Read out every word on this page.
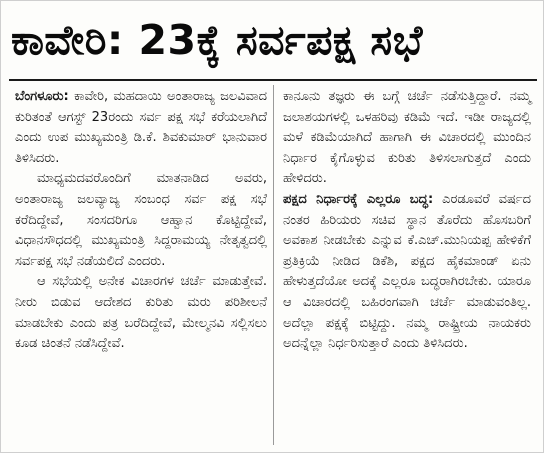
ಕಾವೇರಿ: 23ಕ್ಕೆ ಸರ್ವಪಕ್ಷ ಸಭೆ

ಬೆಂಗಳೂರು: ಕಾವೇರಿ, ಮಹದಾಯಿ ಅಂತಾರಾಜ್ಯ ಜಲವಿವಾದ ಕುರಿತಂತೆ ಆಗಸ್ಟ್ 23ರಂದು ಸರ್ವ ಪಕ್ಷ ಸಭೆ ಕರೆಯಲಾಗಿದೆ ಎಂದು ಉಪ ಮುಖ್ಯಮಂತ್ರಿ ಡಿ.ಕೆ. ಶಿವಕುಮಾರ್ ಭಾನುವಾರ ತಿಳಿಸಿದರು.

ಮಾಧ್ಯಮದವರೊಂದಿಗೆ ಮಾತನಾಡಿದ ಅವರು, ಅಂತಾರಾಜ್ಯ ಜಲವ್ಯಾಜ್ಯ ಸಂಬಂಧ ಸರ್ವ ಪಕ್ಷ ಸಭೆ ಕರೆದಿದ್ದೇವೆ, ಸಂಸದರಿಗೂ ಆಹ್ವಾನ ಕೊಟ್ಟಿದ್ದೇವೆ, ವಿಧಾನಸೌಧದಲ್ಲಿ ಮುಖ್ಯಮಂತ್ರಿ ಸಿದ್ದರಾಮಯ್ಯ ನೇತೃತ್ವದಲ್ಲಿ ಸರ್ವಪಕ್ಷ ಸಭೆ ನಡೆಯಲಿದೆ ಎಂದರು.

ಆ ಸಭೆಯಲ್ಲಿ ಅನೇಕ ವಿಚಾರಗಳ ಚರ್ಚೆ ಮಾಡುತ್ತೇವೆ. ನೀರು ಬಿಡುವ ಆದೇಶದ ಕುರಿತು ಮರು ಪರಿಶೀಲನೆ ಮಾಡಬೇಕು ಎಂದು ಪತ್ರ ಬರೆದಿದ್ದೇವೆ, ಮೇಲ್ಮನವಿ ಸಲ್ಲಿಸಲು ಕೂಡ ಚಿಂತನೆ ನಡೆಸಿದ್ದೇವೆ.

ಕಾನೂನು ತಜ್ಞರು ಈ ಬಗ್ಗೆ ಚರ್ಚೆ ನಡೆಸುತ್ತಿದ್ದಾರೆ. ನಮ್ಮ ಜಲಾಶಯಗಳಲ್ಲಿ ಒಳಹರಿವು ಕಡಿಮೆ ಇದೆ. ಇಡೀ ರಾಜ್ಯದಲ್ಲಿ ಮಳೆ ಕಡಿಮೆಯಾಗಿದೆ ಹಾಗಾಗಿ ಈ ವಿಚಾರದಲ್ಲಿ ಮುಂದಿನ ನಿರ್ಧಾರ ಕೈಗೊಳ್ಳುವ ಕುರಿತು ತಿಳಿಸಲಾಗುತ್ತದೆ ಎಂದು ಹೇಳಿದರು.

ಪಕ್ಷದ ನಿರ್ಧಾರಕ್ಕೆ ಎಲ್ಲರೂ ಬದ್ಧ: ಎರಡೂವರೆ ವರ್ಷದ ನಂತರ ಹಿರಿಯರು ಸಚಿವ ಸ್ಥಾನ ತೊರೆದು ಹೊಸಬರಿಗೆ ಅವಕಾಶ ನೀಡಬೇಕು ಎನ್ನುವ ಕೆ.ಎಚ್.ಮುನಿಯಪ್ಪ ಹೇಳಿಕೆಗೆ ಪ್ರತಿಕ್ರಿಯೆ ನೀಡಿದ ಡಿಕೆಶಿ, ಪಕ್ಷದ ಹೈಕಮಾಂಡ್ ಏನು ಹೇಳುತ್ತದೆಯೋ ಅದಕ್ಕೆ ಎಲ್ಲರೂ ಬದ್ಧರಾಗಿರಬೇಕು. ಯಾರೂ ಆ ವಿಚಾರದಲ್ಲಿ ಬಹಿರಂಗವಾಗಿ ಚರ್ಚೆ ಮಾಡುವಂತಿಲ್ಲ. ಅದೆಲ್ಲಾ ಪಕ್ಷಕ್ಕೆ ಬಿಟ್ಟಿದ್ದು. ನಮ್ಮ ರಾಷ್ಟ್ರೀಯ ನಾಯಕರು ಅದನ್ನೆಲ್ಲಾ ನಿರ್ಧರಿಸುತ್ತಾರೆ ಎಂದು ತಿಳಿಸಿದರು.
